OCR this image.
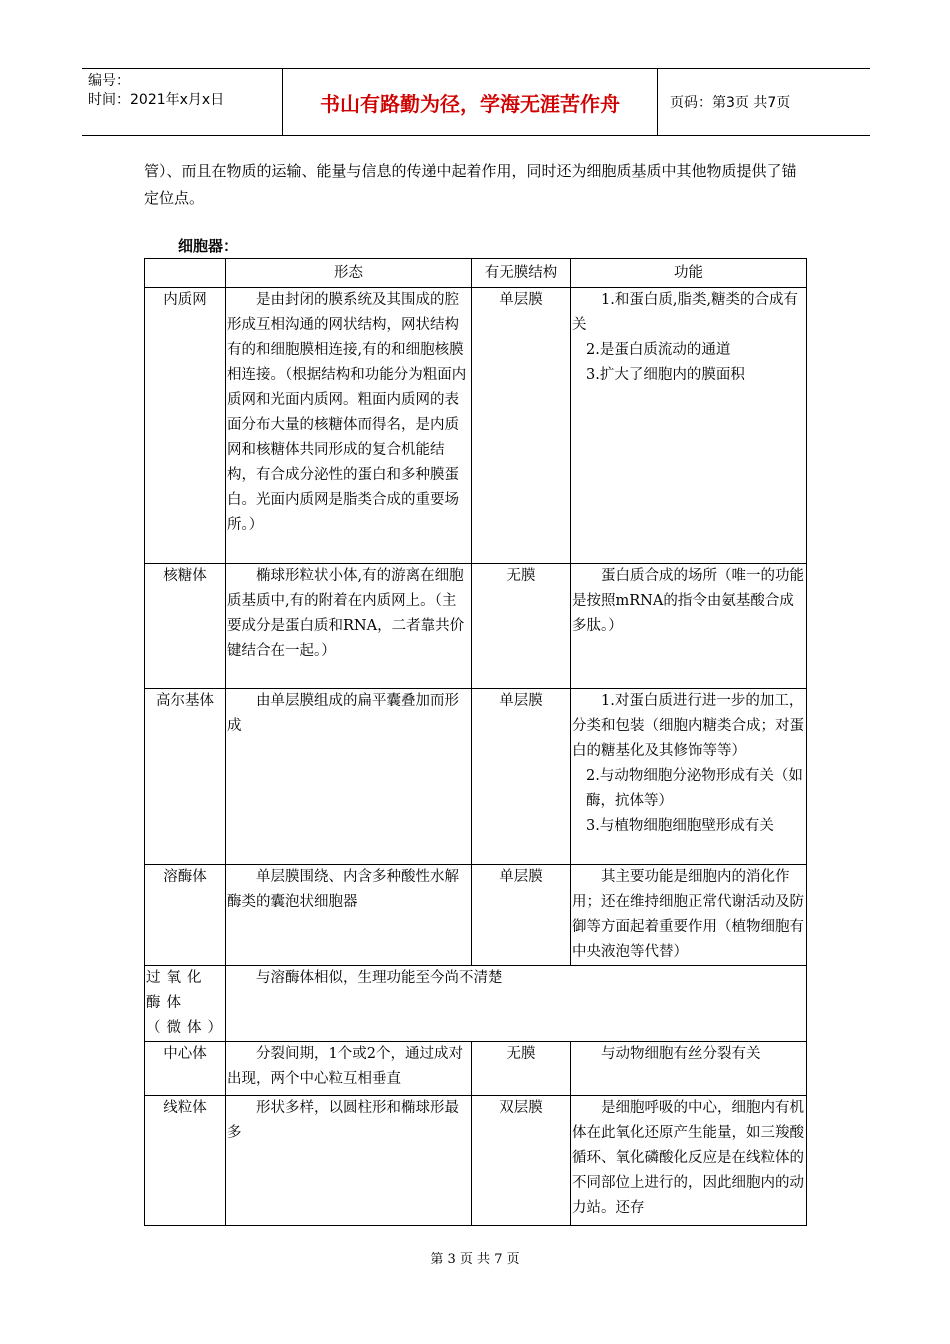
编号：
时间：2021年x月x日	书山有路勤为径，学海无涯苦作舟	页码：第3页 共7页
管）、而且在物质的运输、能量与信息的传递中起着作用，同时还为细胞质基质中其他物质提供了锚定位点。
细胞器：
	形态	有无膜结构	功能
内质网	是由封闭的膜系统及其围成的腔形成互相沟通的网状结构，网状结构有的和细胞膜相连接,有的和细胞核膜相连接。（根据结构和功能分为粗面内质网和光面内质网。粗面内质网的表面分布大量的核糖体而得名，是内质网和核糖体共同形成的复合机能结构，有合成分泌性的蛋白和多种膜蛋白。光面内质网是脂类合成的重要场所。）	单层膜	1.和蛋白质,脂类,糖类的合成有关
2.是蛋白质流动的通道
3.扩大了细胞内的膜面积

核糖体	椭球形粒状小体,有的游离在细胞质基质中,有的附着在内质网上。（主要成分是蛋白质和RNA，二者靠共价键结合在一起。）	无膜	蛋白质合成的场所（唯一的功能是按照mRNA的指令由氨基酸合成多肽。）

高尔基体	由单层膜组成的扁平囊叠加而形成	单层膜	1.对蛋白质进行进一步的加工，分类和包装（细胞内糖类合成；对蛋白的糖基化及其修饰等等）
2.与动物细胞分泌物形成有关（如酶，抗体等）
3.与植物细胞细胞壁形成有关

溶酶体	单层膜围绕、内含多种酸性水解酶类的囊泡状细胞器	单层膜	其主要功能是细胞内的消化作用；还在维持细胞正常代谢活动及防御等方面起着重要作用（植物细胞有中央液泡等代替）

过氧化酶体（微体）	与溶酶体相似，生理功能至今尚不清楚		
中心体	分裂间期，1个或2个，通过成对出现，两个中心粒互相垂直	无膜	与动物细胞有丝分裂有关

线粒体	形状多样，以圆柱形和椭球形最多	双层膜	是细胞呼吸的中心，细胞内有机体在此氧化还原产生能量，如三羧酸循环、氧化磷酸化反应是在线粒体的不同部位上进行的，因此细胞内的动力站。还存
第 3 页 共 7 页
